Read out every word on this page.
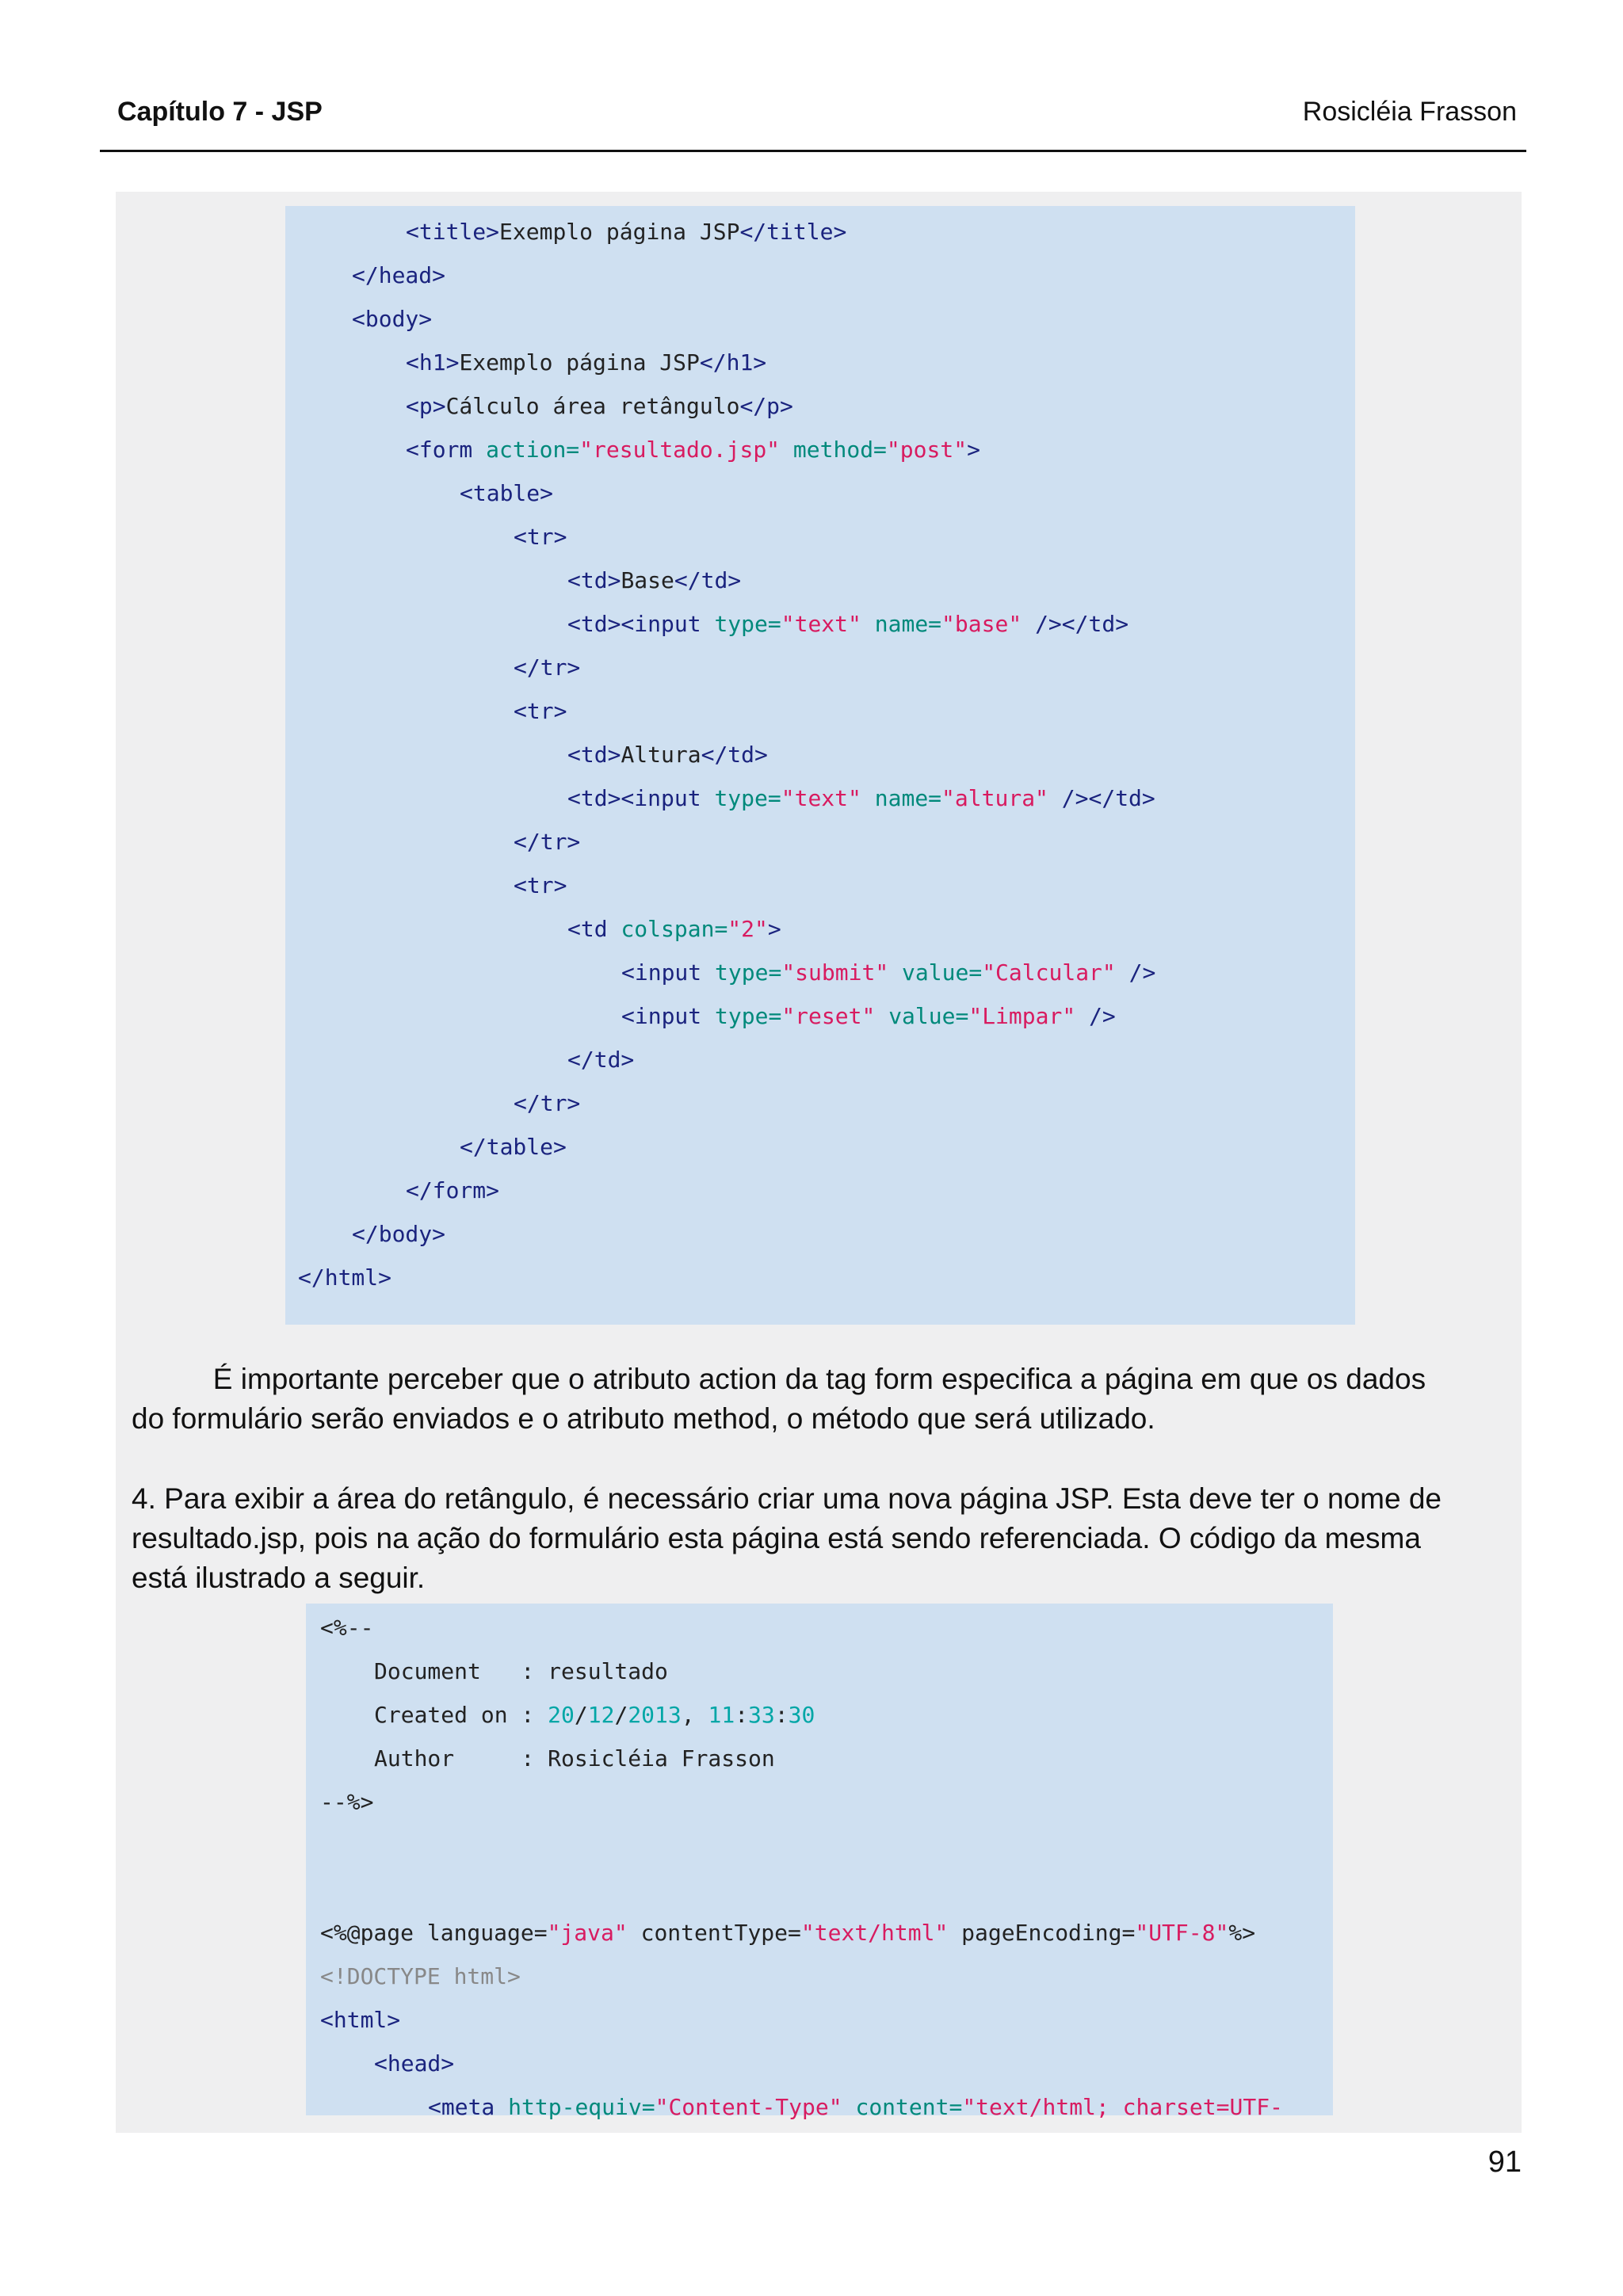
Capítulo 7 - JSP	Rosicléia Frasson
<title>Exemplo página JSP</title>
</head>
<body>
<h1>Exemplo página JSP</h1>
<p>Cálculo área retângulo</p>
<form action="resultado.jsp" method="post">
<table>
<tr>
<td>Base</td>
<td><input type="text" name="base" /></td>
</tr>
<tr>
<td>Altura</td>
<td><input type="text" name="altura" /></td>
</tr>
<tr>
<td colspan="2">
<input type="submit" value="Calcular" />
<input type="reset" value="Limpar" />
</td>
</tr>
</table>
</form>
</body>
</html>
É importante perceber que o atributo action da tag form especifica a página em que os dados
do formulário serão enviados e o atributo method, o método que será utilizado.
4. Para exibir a área do retângulo, é necessário criar uma nova página JSP. Esta deve ter o nome de
resultado.jsp, pois na ação do formulário esta página está sendo referenciada. O código da mesma
está ilustrado a seguir.
<%--
Document   : resultado
Created on : 20/12/2013, 11:33:30
Author     : Rosicléia Frasson
--%>
<%@page language="java" contentType="text/html" pageEncoding="UTF-8"%>
<!DOCTYPE html>
<html>
<head>
<meta http-equiv="Content-Type" content="text/html; charset=UTF-
91
